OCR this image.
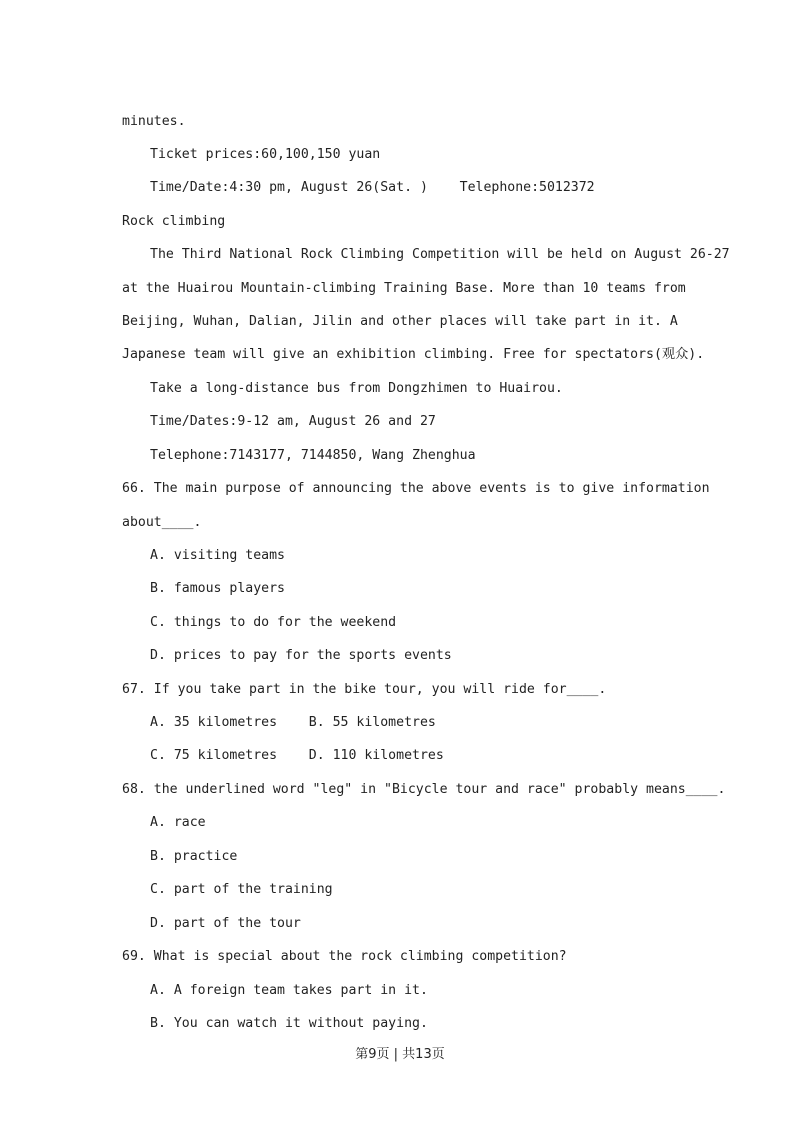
minutes.
Ticket prices:60,100,150 yuan
Time/Date:4:30 pm, August 26(Sat. )    Telephone:5012372
Rock climbing
The Third National Rock Climbing Competition will be held on August 26-27
at the Huairou Mountain-climbing Training Base. More than 10 teams from
Beijing, Wuhan, Dalian, Jilin and other places will take part in it. A
Japanese team will give an exhibition climbing. Free for spectators(观众).
Take a long-distance bus from Dongzhimen to Huairou.
Time/Dates:9-12 am, August 26 and 27
Telephone:7143177, 7144850, Wang Zhenghua
66. The main purpose of announcing the above events is to give information
about____.
A. visiting teams
B. famous players
C. things to do for the weekend
D. prices to pay for the sports events
67. If you take part in the bike tour, you will ride for____.
A. 35 kilometres    B. 55 kilometres
C. 75 kilometres    D. 110 kilometres
68. the underlined word "leg" in "Bicycle tour and race" probably means____.
A. race
B. practice
C. part of the training
D. part of the tour
69. What is special about the rock climbing competition?
A. A foreign team takes part in it.
B. You can watch it without paying.
第9页 | 共13页
